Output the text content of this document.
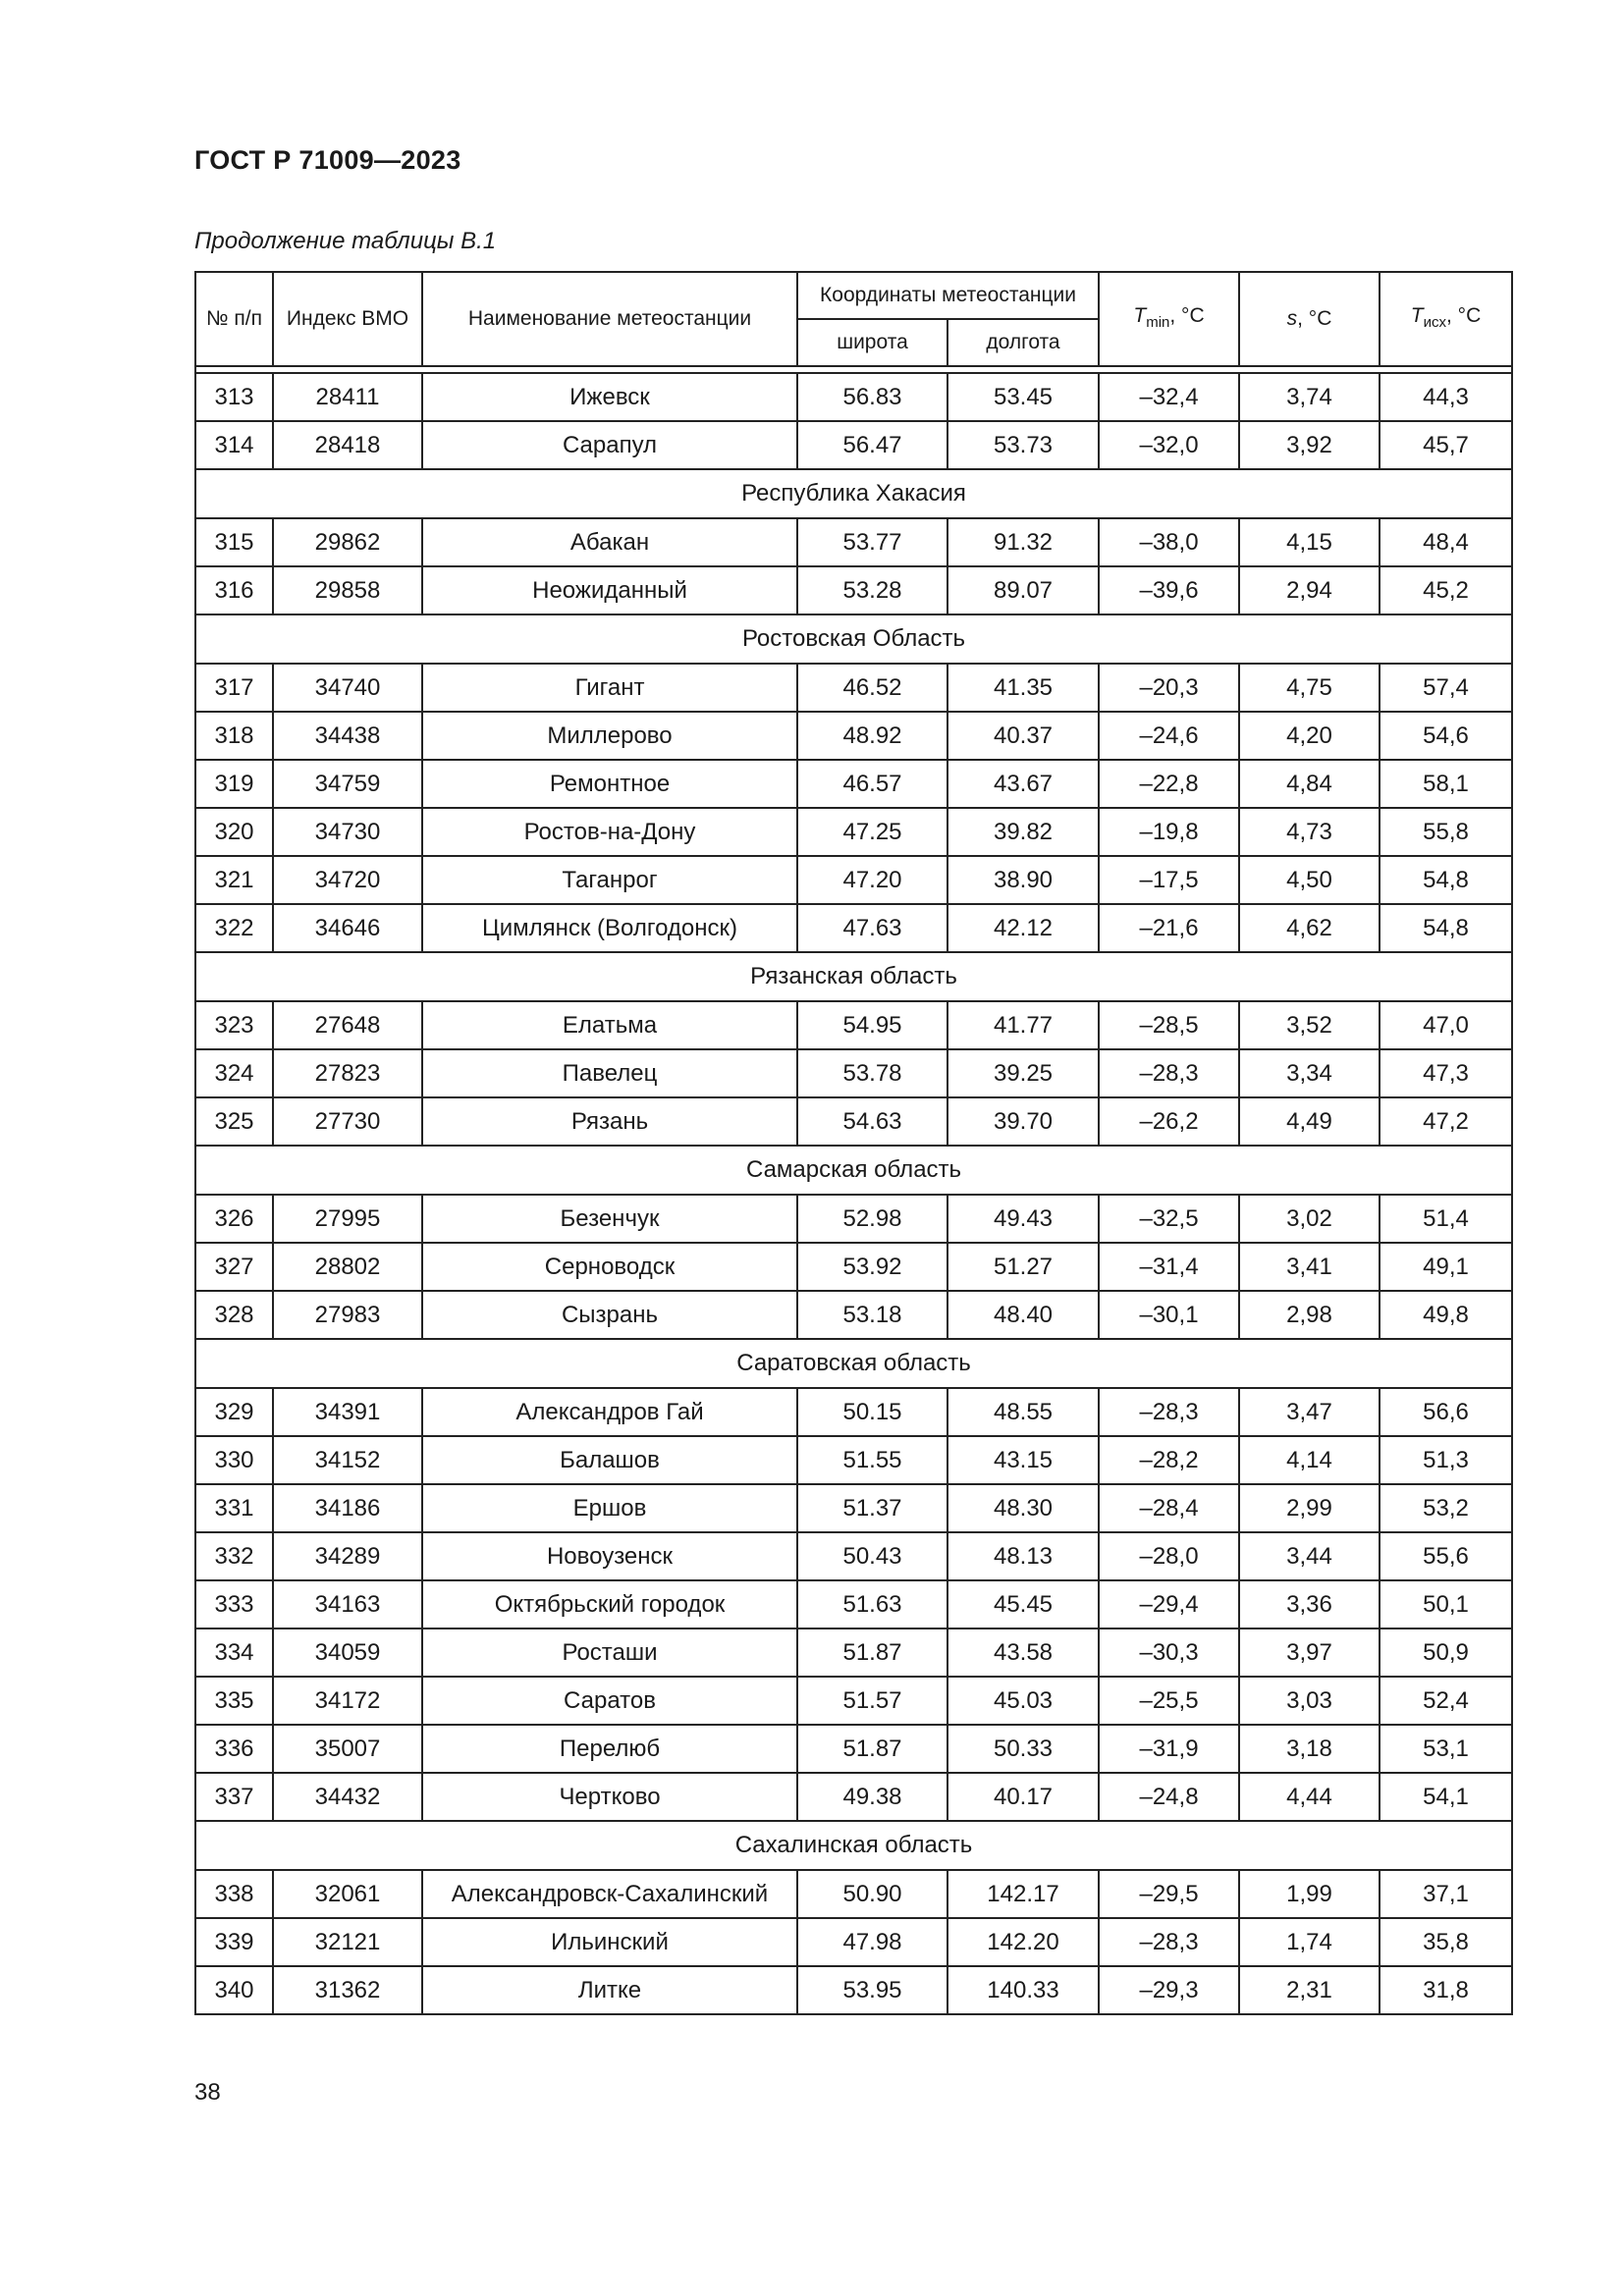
ГОСТ Р 71009—2023
Продолжение таблицы В.1
№ п/п	Индекс ВМО	Наименование метеостанции	Координаты метеостанции		$T_{min}$, °С	s, °С	$T_{исх}$, °С
			широта	долгота			

313	28411	Ижевск	56.83	53.45	–32,4	3,74	44,3
314	28418	Сарапул	56.47	53.73	–32,0	3,92	45,7
Республика Хакасия							
315	29862	Абакан	53.77	91.32	–38,0	4,15	48,4
316	29858	Неожиданный	53.28	89.07	–39,6	2,94	45,2
Ростовская Область							
317	34740	Гигант	46.52	41.35	–20,3	4,75	57,4
318	34438	Миллерово	48.92	40.37	–24,6	4,20	54,6
319	34759	Ремонтное	46.57	43.67	–22,8	4,84	58,1
320	34730	Ростов-на-Дону	47.25	39.82	–19,8	4,73	55,8
321	34720	Таганрог	47.20	38.90	–17,5	4,50	54,8
322	34646	Цимлянск (Волгодонск)	47.63	42.12	–21,6	4,62	54,8
Рязанская область							
323	27648	Елатьма	54.95	41.77	–28,5	3,52	47,0
324	27823	Павелец	53.78	39.25	–28,3	3,34	47,3
325	27730	Рязань	54.63	39.70	–26,2	4,49	47,2
Самарская область							
326	27995	Безенчук	52.98	49.43	–32,5	3,02	51,4
327	28802	Серноводск	53.92	51.27	–31,4	3,41	49,1
328	27983	Сызрань	53.18	48.40	–30,1	2,98	49,8
Саратовская область							
329	34391	Александров Гай	50.15	48.55	–28,3	3,47	56,6
330	34152	Балашов	51.55	43.15	–28,2	4,14	51,3
331	34186	Ершов	51.37	48.30	–28,4	2,99	53,2
332	34289	Новоузенск	50.43	48.13	–28,0	3,44	55,6
333	34163	Октябрьский городок	51.63	45.45	–29,4	3,36	50,1
334	34059	Росташи	51.87	43.58	–30,3	3,97	50,9
335	34172	Саратов	51.57	45.03	–25,5	3,03	52,4
336	35007	Перелюб	51.87	50.33	–31,9	3,18	53,1
337	34432	Чертково	49.38	40.17	–24,8	4,44	54,1
Сахалинская область							
338	32061	Александровск-Сахалинский	50.90	142.17	–29,5	1,99	37,1
339	32121	Ильинский	47.98	142.20	–28,3	1,74	35,8
340	31362	Литке	53.95	140.33	–29,3	2,31	31,8
38
